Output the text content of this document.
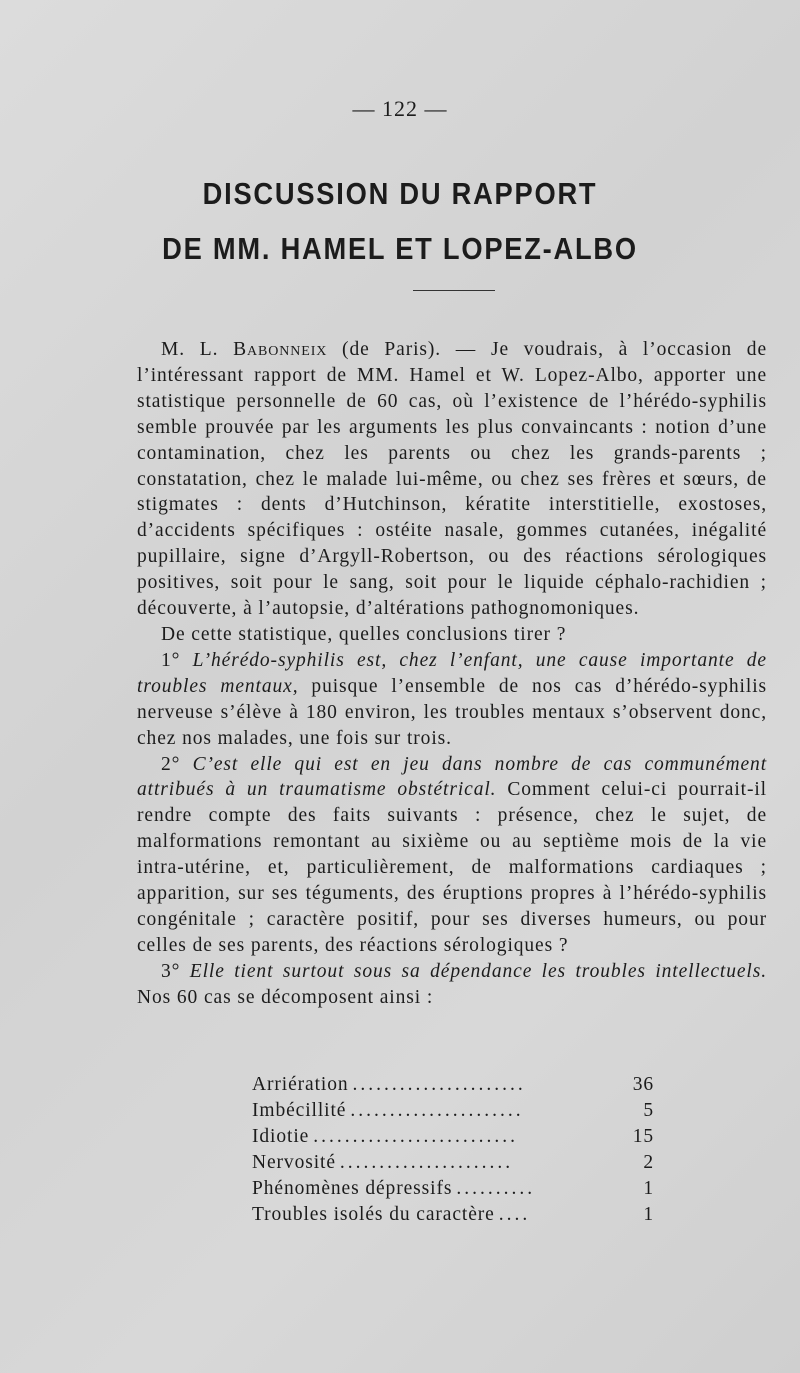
— 122 —
DISCUSSION DU RAPPORT
DE MM. HAMEL ET LOPEZ-ALBO

M. L. Babonneix (de Paris). — Je voudrais, à l’occasion de l’intéressant rapport de MM. Hamel et W. Lopez-Albo, apporter une statistique personnelle de 60 cas, où l’existence de l’hérédo-syphilis semble prouvée par les arguments les plus convaincants : notion d’une contamination, chez les parents ou chez les grands-parents ; constatation, chez le malade lui-même, ou chez ses frères et sœurs, de stigmates : dents d’Hutchinson, kératite interstitielle, exostoses, d’accidents spécifiques : ostéite nasale, gommes cutanées, inégalité pupillaire, signe d’Argyll-Robertson, ou des réactions sérologiques positives, soit pour le sang, soit pour le liquide céphalo-rachidien ; découverte, à l’autopsie, d’altérations pathognomoniques.

De cette statistique, quelles conclusions tirer ?

1° L’hérédo-syphilis est, chez l’enfant, une cause importante de troubles mentaux, puisque l’ensemble de nos cas d’hérédo-syphilis nerveuse s’élève à 180 environ, les troubles mentaux s’observent donc, chez nos malades, une fois sur trois.

2° C’est elle qui est en jeu dans nombre de cas communément attribués à un traumatisme obstétrical. Comment celui-ci pourrait-il rendre compte des faits suivants : présence, chez le sujet, de malformations remontant au sixième ou au septième mois de la vie intra-utérine, et, particulièrement, de malformations cardiaques ; apparition, sur ses téguments, des éruptions propres à l’hérédo-syphilis congénitale ; caractère positif, pour ses diverses humeurs, ou pour celles de ses parents, des réactions sérologiques ?

3° Elle tient surtout sous sa dépendance les troubles intellectuels. Nos 60 cas se décomposent ainsi :

Arriération ......................	36
Imbécillité ......................	5
Idiotie ..........................	15
Nervosité ......................	2
Phénomènes dépressifs ..........	1
Troubles isolés du caractère ....	1
